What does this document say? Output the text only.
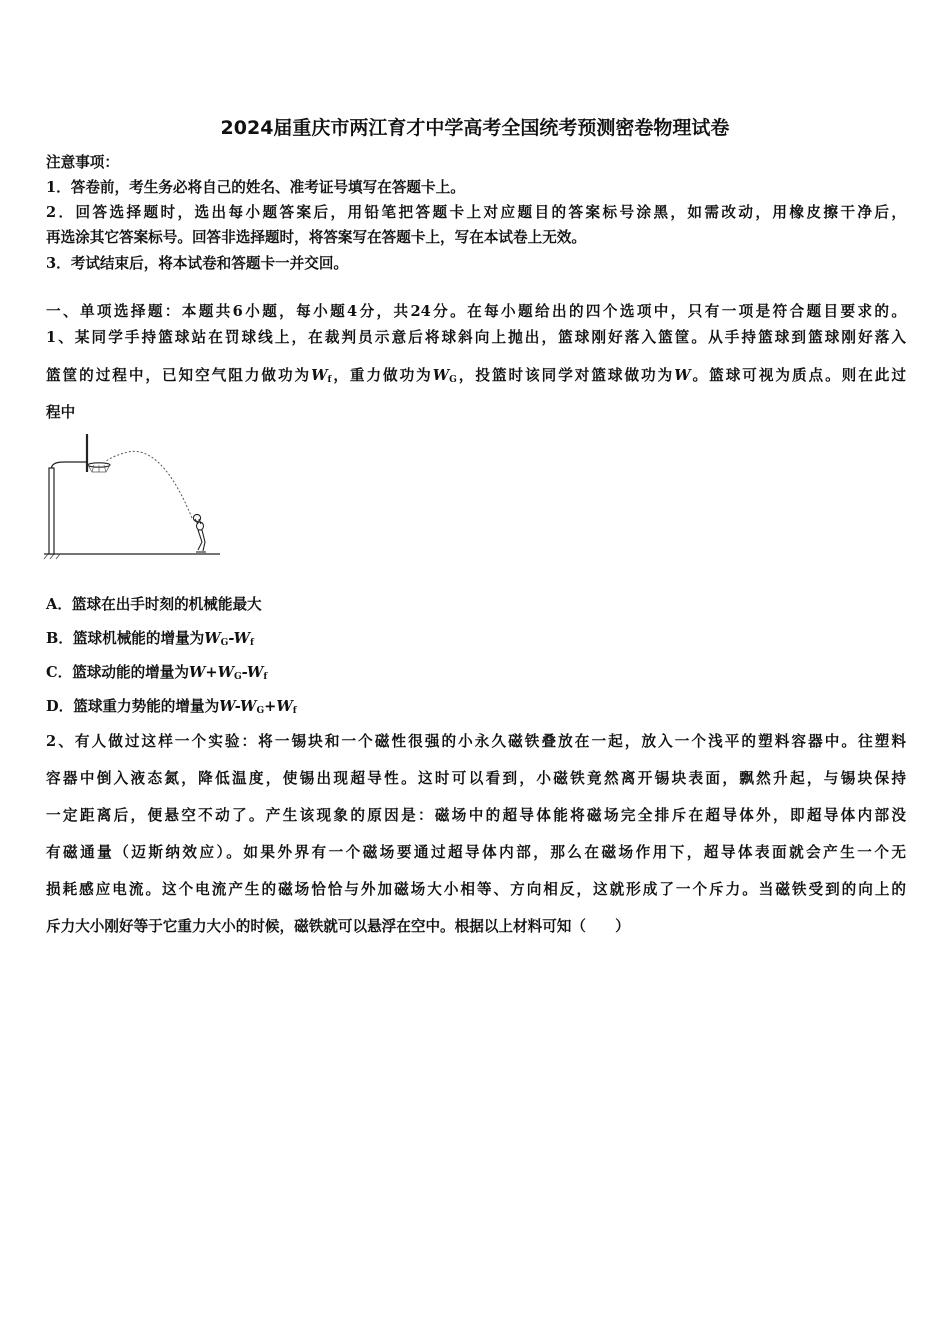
2024届重庆市两江育才中学高考全国统考预测密卷物理试卷
注意事项：
1．答卷前，考生务必将自己的姓名、准考证号填写在答题卡上。
2．回答选择题时，选出每小题答案后，用铅笔把答题卡上对应题目的答案标号涂黑，如需改动，用橡皮擦干净后，
再选涂其它答案标号。回答非选择题时，将答案写在答题卡上，写在本试卷上无效。
3．考试结束后，将本试卷和答题卡一并交回。
一、单项选择题：本题共6小题，每小题4分，共24分。在每小题给出的四个选项中，只有一项是符合题目要求的。
1、某同学手持篮球站在罚球线上，在裁判员示意后将球斜向上抛出，篮球刚好落入篮筐。从手持篮球到篮球刚好落入
篮筐的过程中，已知空气阻力做功为$W_f$，重力做功为$W_G$，投篮时该同学对篮球做功为W。篮球可视为质点。则在此过
程中
A．篮球在出手时刻的机械能最大
B．篮球机械能的增量为$W_G-W_f$
C．篮球动能的增量为$W+W_G-W_f$
D．篮球重力势能的增量为$W-W_G+W_f$
2、有人做过这样一个实验：将一锡块和一个磁性很强的小永久磁铁叠放在一起，放入一个浅平的塑料容器中。往塑料
容器中倒入液态氮，降低温度，使锡出现超导性。这时可以看到，小磁铁竟然离开锡块表面，飘然升起，与锡块保持
一定距离后，便悬空不动了。产生该现象的原因是：磁场中的超导体能将磁场完全排斥在超导体外，即超导体内部没
有磁通量（迈斯纳效应）。如果外界有一个磁场要通过超导体内部，那么在磁场作用下，超导体表面就会产生一个无
损耗感应电流。这个电流产生的磁场恰恰与外加磁场大小相等、方向相反，这就形成了一个斥力。当磁铁受到的向上的
斥力大小刚好等于它重力大小的时候，磁铁就可以悬浮在空中。根据以上材料可知（　　）
